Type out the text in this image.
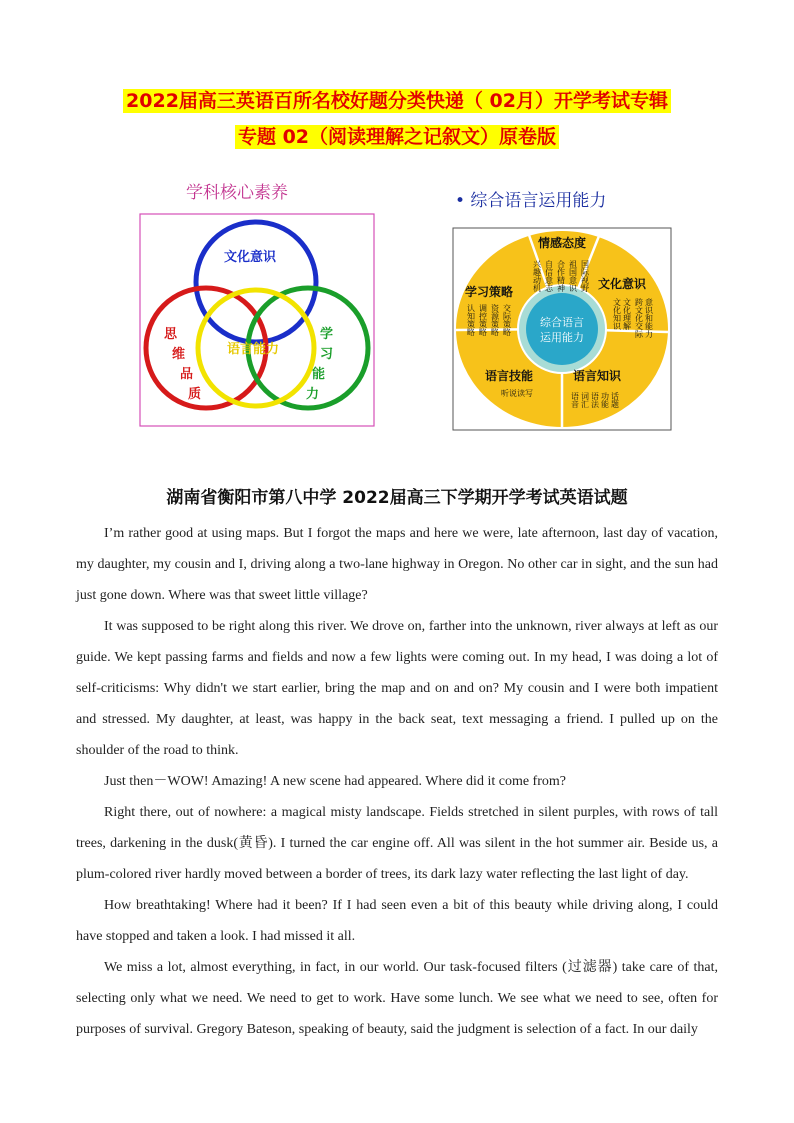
2022届高三英语百所名校好题分类快递（ 02月）开学考试专辑
专题 02（阅读理解之记叙文）原卷版
学科核心素养
文化意识
语言能力
思
维
品
质
学
习
能
力
• 综合语言运用能力
综合语言
运用能力
情感态度
兴趣动机 自信意志 合作精神 祖国意识 国际视野 文化意识
文化知识 文化理解 跨文化交际 意识和能力
语言知识
语音 词汇 语法 功能 话题
语言技能
听说读写
学习策略
认知策略 调控策略 资源策略 交际策略
湖南省衡阳市第八中学 2022届高三下学期开学考试英语试题

I’m rather good at using maps. But I forgot the maps and here we were, late afternoon, last day of vacation, my daughter, my cousin and I, driving along a two-lane highway in Oregon. No other car in sight, and the sun had just gone down. Where was that sweet little village?

It was supposed to be right along this river. We drove on, farther into the unknown, river always at left as our guide. We kept passing farms and fields and now a few lights were coming out. In my head, I was doing a lot of self-criticisms: Why didn't we start earlier, bring the map and on and on? My cousin and I were both impatient and stressed. My daughter, at least, was happy in the back seat, text messaging a friend. I pulled up on the shoulder of the road to think.

Just then－WOW! Amazing! A new scene had appeared. Where did it come from?

Right there, out of nowhere: a magical misty landscape. Fields stretched in silent purples, with rows of tall trees, darkening in the dusk(黄昏). I turned the car engine off. All was silent in the hot summer air. Beside us, a plum-colored river hardly moved between a border of trees, its dark lazy water reflecting the last light of day.

How breathtaking! Where had it been? If I had seen even a bit of this beauty while driving along, I could have stopped and taken a look. I had missed it all.

We miss a lot, almost everything, in fact, in our world. Our task-focused filters (过滤器) take care of that, selecting only what we need. We need to get to work. Have some lunch. We see what we need to see, often for purposes of survival. Gregory Bateson, speaking of beauty, said the judgment is selection of a fact. In our daily
